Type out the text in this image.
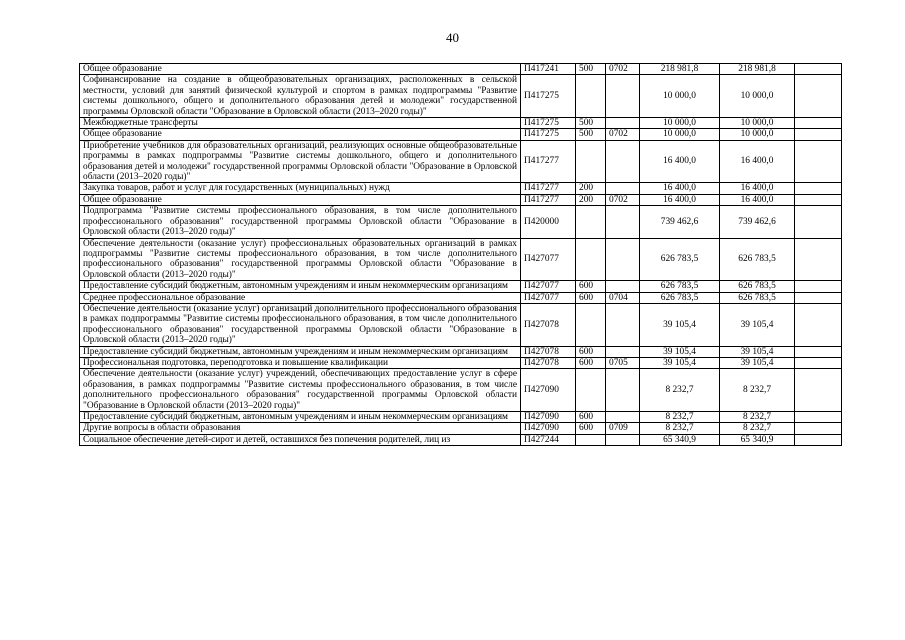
40
Общее образование	П417241	500	0702	218 981,8	218 981,8	
Софинансирование на создание в общеобразовательных организациях, расположенных в сельской местности, условий для занятий физической культурой и спортом в рамках подпрограммы "Развитие системы дошкольного, общего и дополнительного образования детей и молодежи" государственной программы Орловской области "Образование в Орловской области (2013–2020 годы)"	П417275			10 000,0	10 000,0	
Межбюджетные трансферты	П417275	500		10 000,0	10 000,0	
Общее образование	П417275	500	0702	10 000,0	10 000,0	
Приобретение учебников для образовательных организаций, реализующих основные общеобразовательные программы в рамках подпрограммы "Развитие системы дошкольного, общего и дополнительного образования детей и молодежи" государственной программы Орловской области "Образование в Орловской области (2013–2020 годы)"	П417277			16 400,0	16 400,0	
Закупка товаров, работ и услуг для государственных (муниципальных) нужд	П417277	200		16 400,0	16 400,0	
Общее образование	П417277	200	0702	16 400,0	16 400,0	
Подпрограмма "Развитие системы профессионального образования, в том числе дополнительного профессионального образования" государственной программы Орловской области "Образование в Орловской области (2013–2020 годы)"	П420000			739 462,6	739 462,6	
Обеспечение деятельности (оказание услуг) профессиональных образовательных организаций в рамках подпрограммы "Развитие системы профессионального образования, в том числе дополнительного профессионального образования" государственной программы Орловской области "Образование в Орловской области (2013–2020 годы)"	П427077			626 783,5	626 783,5	
Предоставление субсидий бюджетным, автономным учреждениям и иным некоммерческим организациям	П427077	600		626 783,5	626 783,5	
Среднее профессиональное образование	П427077	600	0704	626 783,5	626 783,5	
Обеспечение деятельности (оказание услуг) организаций дополнительного профессионального образования в рамках подпрограммы "Развитие системы профессионального образования, в том числе дополнительного профессионального образования" государственной программы Орловской области "Образование в Орловской области (2013–2020 годы)"	П427078			39 105,4	39 105,4	
Предоставление субсидий бюджетным, автономным учреждениям и иным некоммерческим организациям	П427078	600		39 105,4	39 105,4	
Профессиональная подготовка, переподготовка и повышение квалификации	П427078	600	0705	39 105,4	39 105,4	
Обеспечение деятельности (оказание услуг) учреждений, обеспечивающих предоставление услуг в сфере образования, в рамках подпрограммы "Развитие системы профессионального образования, в том числе дополнительного профессионального образования" государственной программы Орловской области "Образование в Орловской области (2013–2020 годы)"	П427090			8 232,7	8 232,7	
Предоставление субсидий бюджетным, автономным учреждениям и иным некоммерческим организациям	П427090	600		8 232,7	8 232,7	
Другие вопросы в области образования	П427090	600	0709	8 232,7	8 232,7	
Социальное обеспечение детей-сирот и детей, оставшихся без попечения родителей, лиц из	П427244			65 340,9	65 340,9	
